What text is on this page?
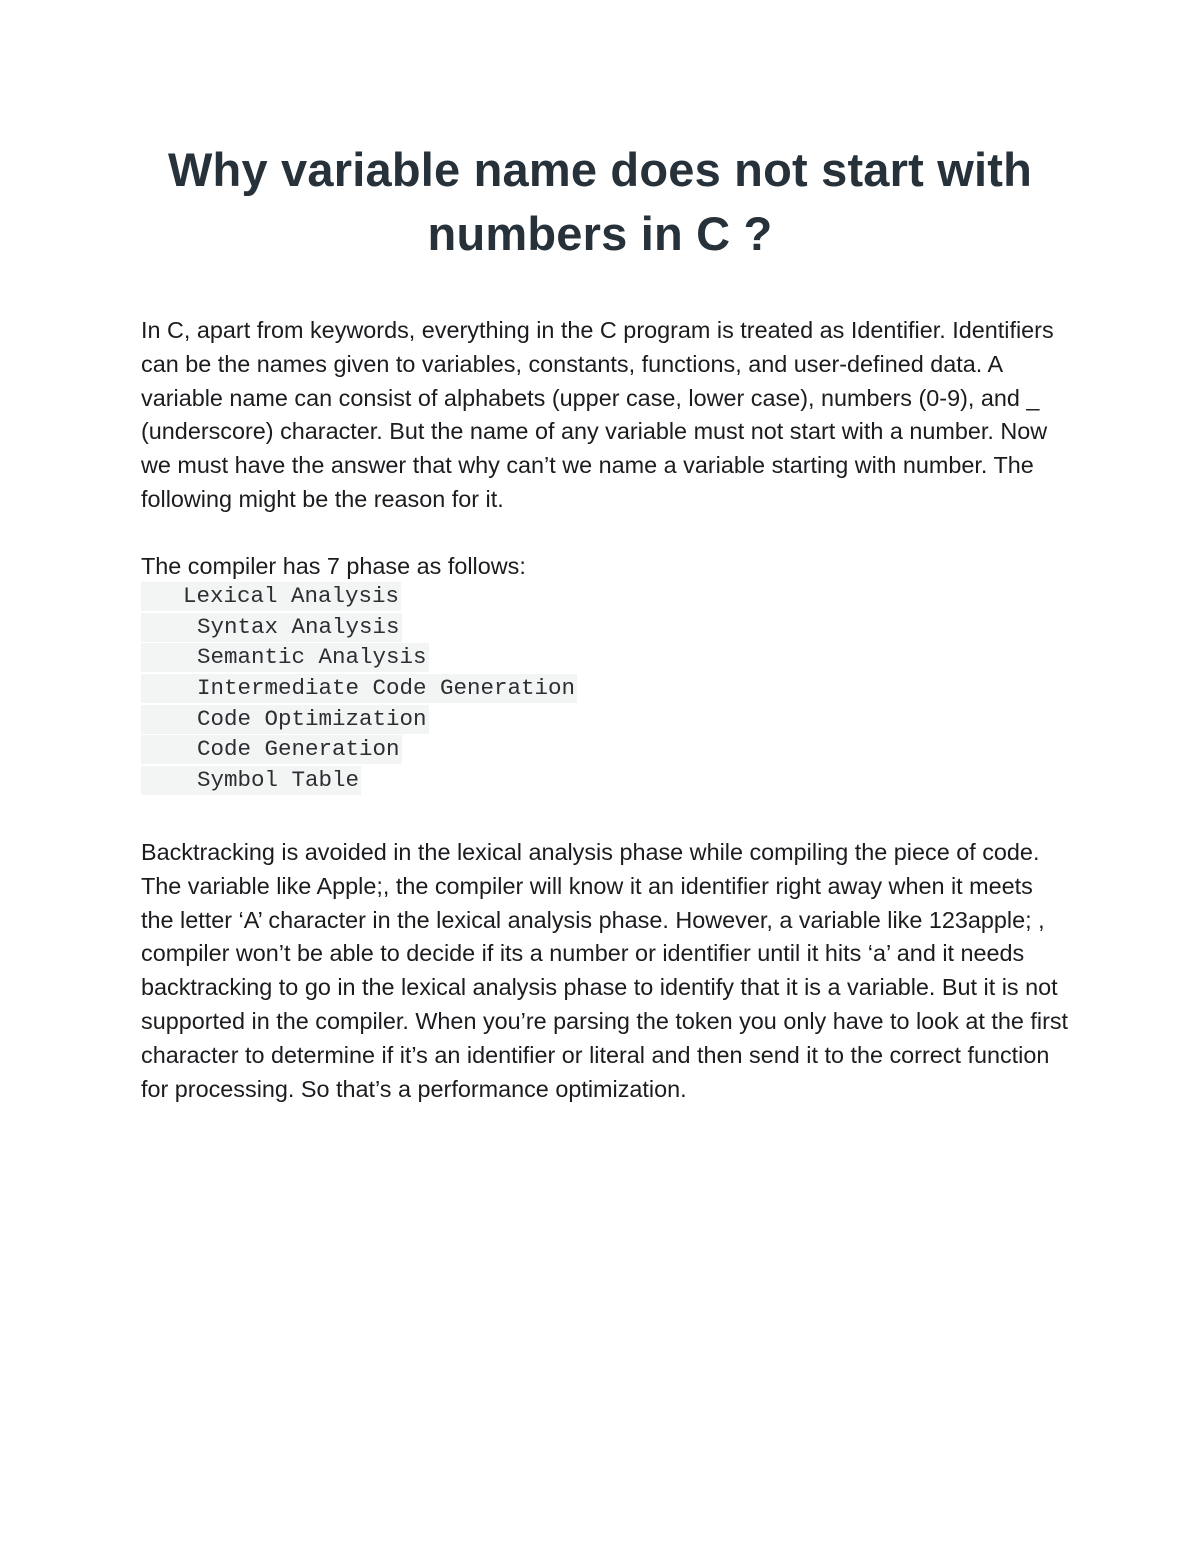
Why variable name does not start with numbers in C ?

In C, apart from keywords, everything in the C program is treated as Identifier. Identifiers can be the names given to variables, constants, functions, and user-defined data. A variable name can consist of alphabets (upper case, lower case), numbers (0-9), and _ (underscore) character. But the name of any variable must not start with a number. Now we must have the answer that why can’t we name a variable starting with number. The following might be the reason for it.

The compiler has 7 phase as follows:

Lexical Analysis
Syntax Analysis
Semantic Analysis
Intermediate Code Generation
Code Optimization
Code Generation
Symbol Table

Backtracking is avoided in the lexical analysis phase while compiling the piece of code. The variable like Apple;, the compiler will know it an identifier right away when it meets the letter ‘A’ character in the lexical analysis phase. However, a variable like 123apple; , compiler won’t be able to decide if its a number or identifier until it hits ‘a’ and it needs backtracking to go in the lexical analysis phase to identify that it is a variable. But it is not supported in the compiler. When you’re parsing the token you only have to look at the first character to determine if it’s an identifier or literal and then send it to the correct function for processing. So that’s a performance optimization.
